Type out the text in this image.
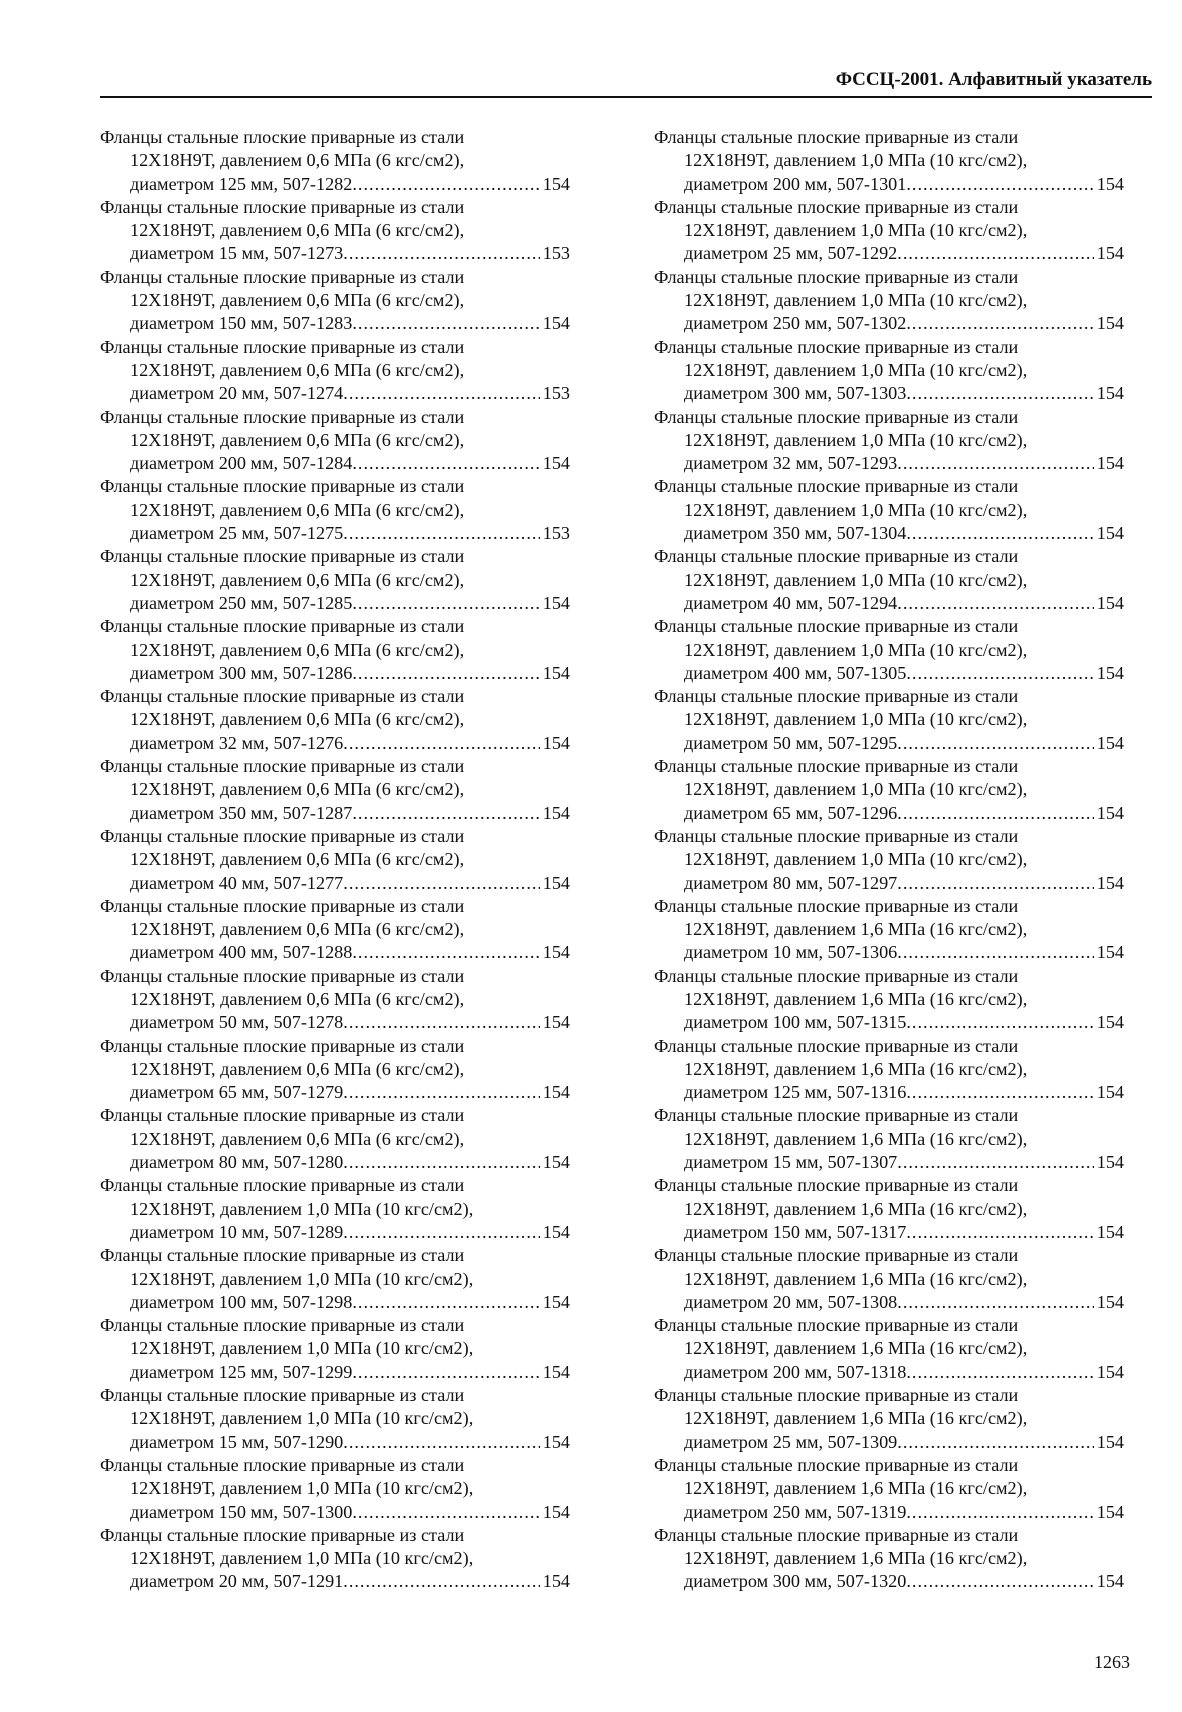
ФССЦ-2001. Алфавитный указатель
Фланцы стальные плоские приварные из стали
12Х18Н9Т, давлением 0,6 МПа (6 кгс/см2),
диаметром 125 мм, 507-1282 .....	154
Фланцы стальные плоские приварные из стали
12Х18Н9Т, давлением 0,6 МПа (6 кгс/см2),
диаметром 15 мм, 507-1273 .....	153
Фланцы стальные плоские приварные из стали
12Х18Н9Т, давлением 0,6 МПа (6 кгс/см2),
диаметром 150 мм, 507-1283 .....	154
Фланцы стальные плоские приварные из стали
12Х18Н9Т, давлением 0,6 МПа (6 кгс/см2),
диаметром 20 мм, 507-1274 .....	153
Фланцы стальные плоские приварные из стали
12Х18Н9Т, давлением 0,6 МПа (6 кгс/см2),
диаметром 200 мм, 507-1284 .....	154
Фланцы стальные плоские приварные из стали
12Х18Н9Т, давлением 0,6 МПа (6 кгс/см2),
диаметром 25 мм, 507-1275 .....	153
Фланцы стальные плоские приварные из стали
12Х18Н9Т, давлением 0,6 МПа (6 кгс/см2),
диаметром 250 мм, 507-1285 .....	154
Фланцы стальные плоские приварные из стали
12Х18Н9Т, давлением 0,6 МПа (6 кгс/см2),
диаметром 300 мм, 507-1286 .....	154
Фланцы стальные плоские приварные из стали
12Х18Н9Т, давлением 0,6 МПа (6 кгс/см2),
диаметром 32 мм, 507-1276 .....	154
Фланцы стальные плоские приварные из стали
12Х18Н9Т, давлением 0,6 МПа (6 кгс/см2),
диаметром 350 мм, 507-1287 .....	154
Фланцы стальные плоские приварные из стали
12Х18Н9Т, давлением 0,6 МПа (6 кгс/см2),
диаметром 40 мм, 507-1277 .....	154
Фланцы стальные плоские приварные из стали
12Х18Н9Т, давлением 0,6 МПа (6 кгс/см2),
диаметром 400 мм, 507-1288 .....	154
Фланцы стальные плоские приварные из стали
12Х18Н9Т, давлением 0,6 МПа (6 кгс/см2),
диаметром 50 мм, 507-1278 .....	154
Фланцы стальные плоские приварные из стали
12Х18Н9Т, давлением 0,6 МПа (6 кгс/см2),
диаметром 65 мм, 507-1279 .....	154
Фланцы стальные плоские приварные из стали
12Х18Н9Т, давлением 0,6 МПа (6 кгс/см2),
диаметром 80 мм, 507-1280 .....	154
Фланцы стальные плоские приварные из стали
12Х18Н9Т, давлением 1,0 МПа (10 кгс/см2),
диаметром 10 мм, 507-1289 .....	154
Фланцы стальные плоские приварные из стали
12Х18Н9Т, давлением 1,0 МПа (10 кгс/см2),
диаметром 100 мм, 507-1298 .....	154
Фланцы стальные плоские приварные из стали
12Х18Н9Т, давлением 1,0 МПа (10 кгс/см2),
диаметром 125 мм, 507-1299 .....	154
Фланцы стальные плоские приварные из стали
12Х18Н9Т, давлением 1,0 МПа (10 кгс/см2),
диаметром 15 мм, 507-1290 .....	154
Фланцы стальные плоские приварные из стали
12Х18Н9Т, давлением 1,0 МПа (10 кгс/см2),
диаметром 150 мм, 507-1300 .....	154
Фланцы стальные плоские приварные из стали
12Х18Н9Т, давлением 1,0 МПа (10 кгс/см2),
диаметром 20 мм, 507-1291 .....	154
Фланцы стальные плоские приварные из стали
12Х18Н9Т, давлением 1,0 МПа (10 кгс/см2),
диаметром 200 мм, 507-1301 .....	154
Фланцы стальные плоские приварные из стали
12Х18Н9Т, давлением 1,0 МПа (10 кгс/см2),
диаметром 25 мм, 507-1292 .....	154
Фланцы стальные плоские приварные из стали
12Х18Н9Т, давлением 1,0 МПа (10 кгс/см2),
диаметром 250 мм, 507-1302 .....	154
Фланцы стальные плоские приварные из стали
12Х18Н9Т, давлением 1,0 МПа (10 кгс/см2),
диаметром 300 мм, 507-1303 .....	154
Фланцы стальные плоские приварные из стали
12Х18Н9Т, давлением 1,0 МПа (10 кгс/см2),
диаметром 32 мм, 507-1293 .....	154
Фланцы стальные плоские приварные из стали
12Х18Н9Т, давлением 1,0 МПа (10 кгс/см2),
диаметром 350 мм, 507-1304 .....	154
Фланцы стальные плоские приварные из стали
12Х18Н9Т, давлением 1,0 МПа (10 кгс/см2),
диаметром 40 мм, 507-1294 .....	154
Фланцы стальные плоские приварные из стали
12Х18Н9Т, давлением 1,0 МПа (10 кгс/см2),
диаметром 400 мм, 507-1305 .....	154
Фланцы стальные плоские приварные из стали
12Х18Н9Т, давлением 1,0 МПа (10 кгс/см2),
диаметром 50 мм, 507-1295 .....	154
Фланцы стальные плоские приварные из стали
12Х18Н9Т, давлением 1,0 МПа (10 кгс/см2),
диаметром 65 мм, 507-1296 .....	154
Фланцы стальные плоские приварные из стали
12Х18Н9Т, давлением 1,0 МПа (10 кгс/см2),
диаметром 80 мм, 507-1297 .....	154
Фланцы стальные плоские приварные из стали
12Х18Н9Т, давлением 1,6 МПа (16 кгс/см2),
диаметром 10 мм, 507-1306 .....	154
Фланцы стальные плоские приварные из стали
12Х18Н9Т, давлением 1,6 МПа (16 кгс/см2),
диаметром 100 мм, 507-1315 .....	154
Фланцы стальные плоские приварные из стали
12Х18Н9Т, давлением 1,6 МПа (16 кгс/см2),
диаметром 125 мм, 507-1316 .....	154
Фланцы стальные плоские приварные из стали
12Х18Н9Т, давлением 1,6 МПа (16 кгс/см2),
диаметром 15 мм, 507-1307 .....	154
Фланцы стальные плоские приварные из стали
12Х18Н9Т, давлением 1,6 МПа (16 кгс/см2),
диаметром 150 мм, 507-1317 .....	154
Фланцы стальные плоские приварные из стали
12Х18Н9Т, давлением 1,6 МПа (16 кгс/см2),
диаметром 20 мм, 507-1308 .....	154
Фланцы стальные плоские приварные из стали
12Х18Н9Т, давлением 1,6 МПа (16 кгс/см2),
диаметром 200 мм, 507-1318 .....	154
Фланцы стальные плоские приварные из стали
12Х18Н9Т, давлением 1,6 МПа (16 кгс/см2),
диаметром 25 мм, 507-1309 .....	154
Фланцы стальные плоские приварные из стали
12Х18Н9Т, давлением 1,6 МПа (16 кгс/см2),
диаметром 250 мм, 507-1319 .....	154
Фланцы стальные плоские приварные из стали
12Х18Н9Т, давлением 1,6 МПа (16 кгс/см2),
диаметром 300 мм, 507-1320 .....	154
1263
